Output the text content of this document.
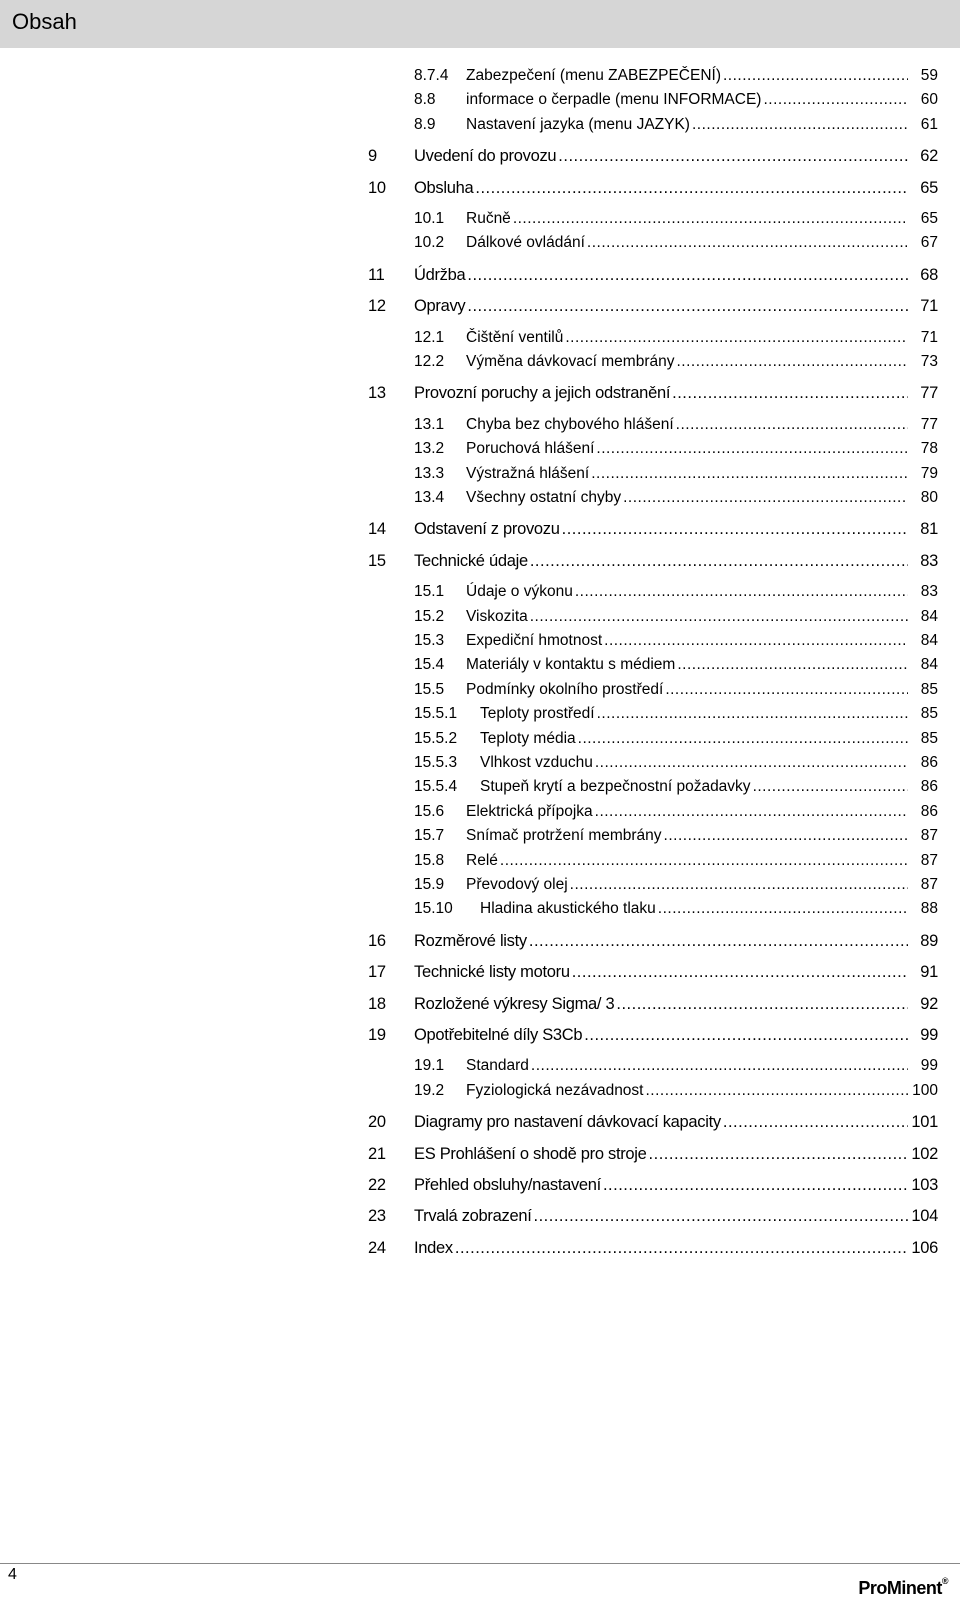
Obsah
8.7.4	Zabezpečení (menu ZABEZPEČENÍ) .....	59
8.8	informace o čerpadle (menu INFORMACE) .....	60
8.9	Nastavení jazyka (menu JAZYK) .....	61
9	Uvedení do provozu .....	62
10	Obsluha .....	65
10.1	Ručně .....	65
10.2	Dálkové ovládání .....	67
11	Údržba .....	68
12	Opravy .....	71
12.1	Čištění ventilů .....	71
12.2	Výměna dávkovací membrány .....	73
13	Provozní poruchy a jejich odstranění .....	77
13.1	Chyba bez chybového hlášení .....	77
13.2	Poruchová hlášení .....	78
13.3	Výstražná hlášení .....	79
13.4	Všechny ostatní chyby .....	80
14	Odstavení z provozu .....	81
15	Technické údaje .....	83
15.1	Údaje o výkonu .....	83
15.2	Viskozita .....	84
15.3	Expediční hmotnost .....	84
15.4	Materiály v kontaktu s médiem .....	84
15.5	Podmínky okolního prostředí .....	85
15.5.1	Teploty prostředí .....	85
15.5.2	Teploty média .....	85
15.5.3	Vlhkost vzduchu .....	86
15.5.4	Stupeň krytí a bezpečnostní požadavky .....	86
15.6	Elektrická přípojka .....	86
15.7	Snímač protržení membrány .....	87
15.8	Relé .....	87
15.9	Převodový olej .....	87
15.10	Hladina akustického tlaku .....	88
16	Rozměrové listy .....	89
17	Technické listy motoru .....	91
18	Rozložené výkresy Sigma/ 3 .....	92
19	Opotřebitelné díly S3Cb .....	99
19.1	Standard .....	99
19.2	Fyziologická nezávadnost .....	100
20	Diagramy pro nastavení dávkovací kapacity .....	101
21	ES Prohlášení o shodě pro stroje .....	102
22	Přehled obsluhy/nastavení .....	103
23	Trvalá zobrazení .....	104
24	Index .....	106
4
ProMinent®
